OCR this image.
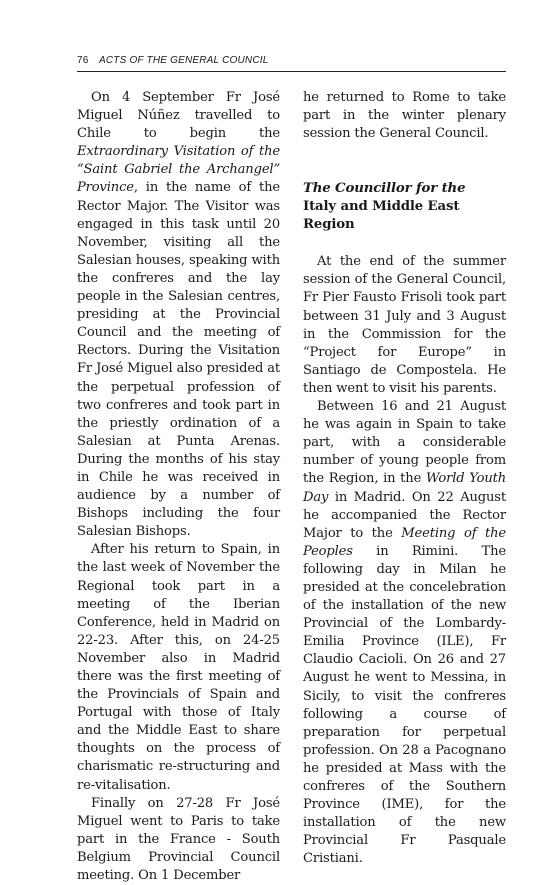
76 ACTS OF THE GENERAL COUNCIL

On 4 September Fr José Miguel Núñez travelled to Chile to begin the Extraordinary Visitation of the “Saint Gabriel the Archangel” Province, in the name of the Rector Major. The Visitor was engaged in this task until 20 November, visiting all the Salesian houses, speaking with the confreres and the lay people in the Salesian centres, presiding at the Provincial Council and the meeting of Rectors. During the Visitation Fr José Miguel also presided at the perpetual profession of two confreres and took part in the priestly ordination of a Salesian at Punta Arenas. During the months of his stay in Chile he was received in audience by a number of Bishops including the four Salesian Bishops.

After his return to Spain, in the last week of November the Regional took part in a meeting of the Iberian Conference, held in Madrid on 22-23. After this, on 24-25 November also in Madrid there was the first meeting of the Provincials of Spain and Portugal with those of Italy and the Middle East to share thoughts on the process of charismatic re-structuring and re-vitalisation.

Finally on 27-28 Fr José Miguel went to Paris to take part in the France - South Belgium Provincial Council meeting. On 1 December

he returned to Rome to take part in the winter plenary session the General Council.

The Councillor for the
Italy and Middle East Region

At the end of the summer session of the General Council, Fr Pier Fausto Frisoli took part between 31 July and 3 August in the Commission for the “Project for Europe” in Santiago de Compostela. He then went to visit his parents.

Between 16 and 21 August he was again in Spain to take part, with a considerable number of young people from the Region, in the World Youth Day in Madrid. On 22 August he accompanied the Rector Major to the Meeting of the Peoples in Rimini. The following day in Milan he presided at the concelebration of the installation of the new Provincial of the Lombardy-Emilia Province (ILE), Fr Claudio Cacioli. On 26 and 27 August he went to Messina, in Sicily, to visit the confreres following a course of preparation for perpetual profession. On 28 a Pacognano he presided at Mass with the confreres of the Southern Province (IME), for the installation of the new Provincial Fr Pasquale Cristiani.
